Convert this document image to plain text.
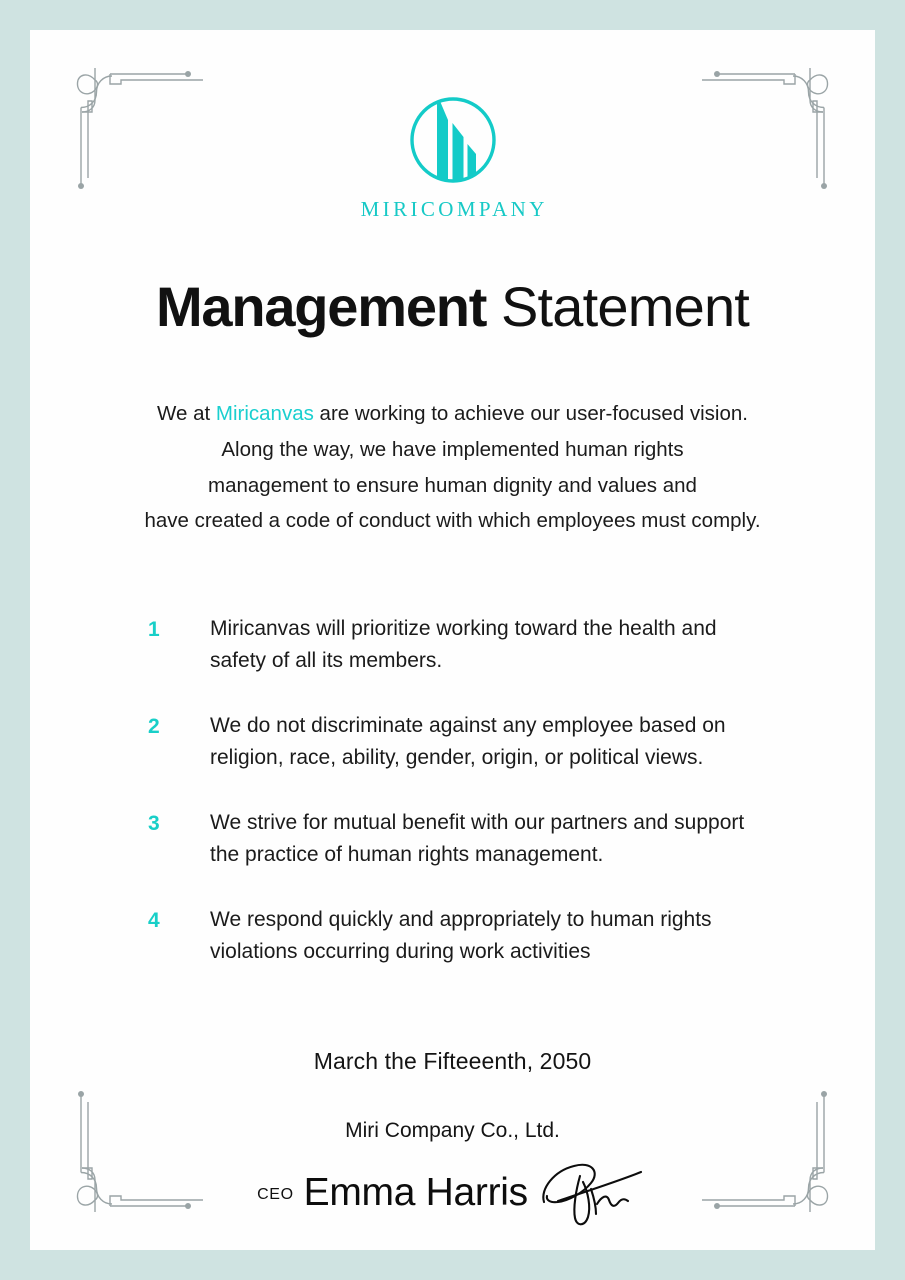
MIRICOMPANY
Management Statement
We at Miricanvas are working to achieve our user-focused vision.
Along the way, we have implemented human rights
management to ensure human dignity and values and
have created a code of conduct with which employees must comply.
1	Miricanvas will prioritize working toward the health and safety of all its members.
2	We do not discriminate against any employee based on religion, race, ability, gender, origin, or political views.
3	We strive for mutual benefit with our partners and support the practice of human rights management.
4	We respond quickly and appropriately to human rights violations occurring during work activities
March the Fifteeenth, 2050
Miri Company Co., Ltd.
ceo Emma Harris
